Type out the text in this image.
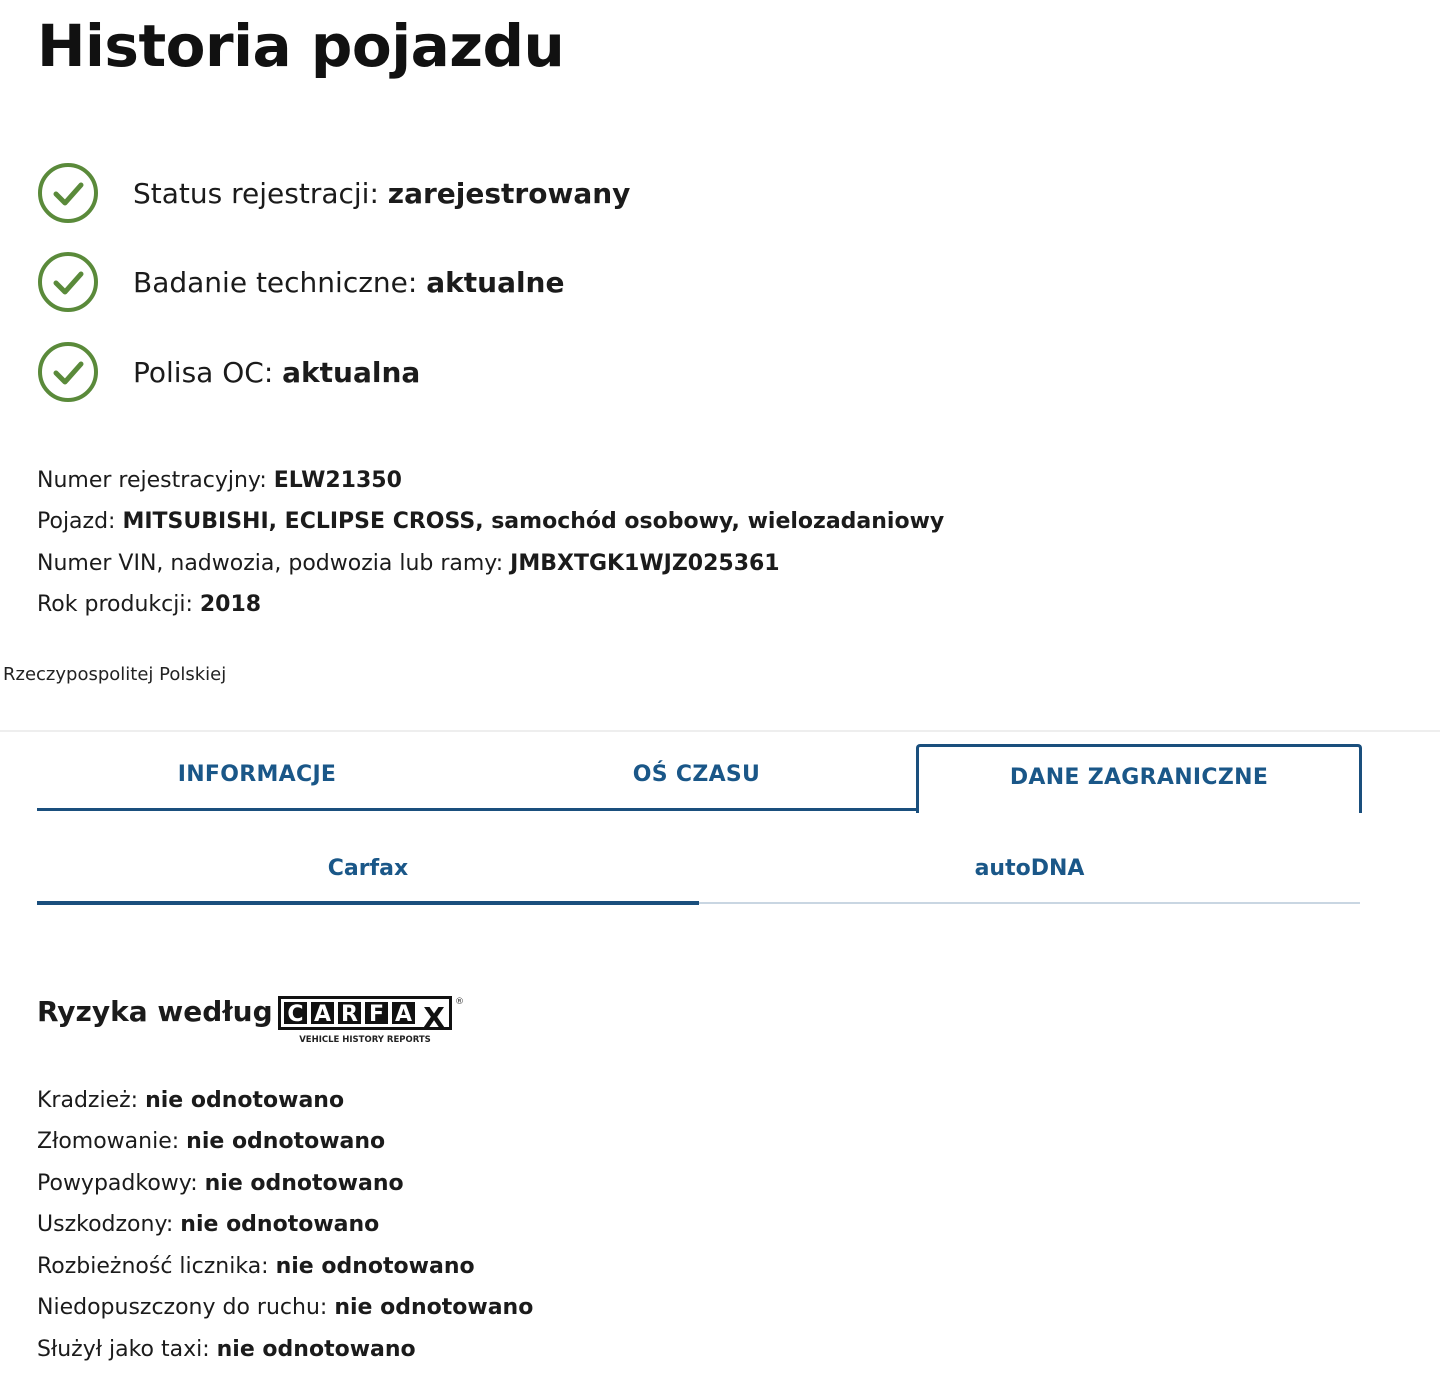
Historia pojazdu
Status rejestracji: zarejestrowany
Badanie techniczne: aktualne
Polisa OC: aktualna
Numer rejestracyjny: ELW21350
Pojazd: MITSUBISHI, ECLIPSE CROSS, samochód osobowy, wielozadaniowy
Numer VIN, nadwozia, podwozia lub ramy: JMBXTGK1WJZ025361
Rok produkcji: 2018
Rzeczypospolitej Polskiej
INFORMACJE	OŚ CZASU	DANE ZAGRANICZNE
Carfax	autoDNA
Ryzyka według C A R F A X ®
VEHICLE HISTORY REPORTS
Kradzież: nie odnotowano
Złomowanie: nie odnotowano
Powypadkowy: nie odnotowano
Uszkodzony: nie odnotowano
Rozbieżność licznika: nie odnotowano
Niedopuszczony do ruchu: nie odnotowano
Służył jako taxi: nie odnotowano
